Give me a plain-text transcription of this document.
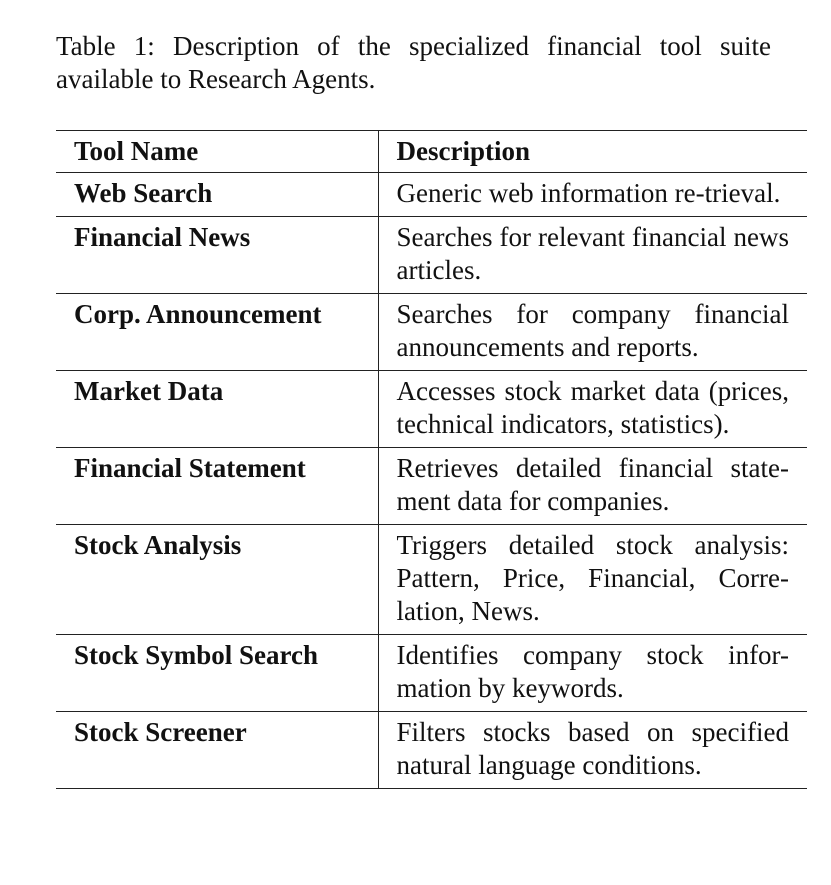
Table 1: Description of the specialized financial tool suite
available to Research Agents.
Tool Name	Description
Web Search	Generic web information re-trieval.

Financial News	Searches for relevant financial news articles.

Corp. Announcement	Searches for company financial announcements and reports.

Market Data	Accesses stock market data (prices, technical indicators, statistics).

Financial Statement	Retrieves detailed financial state-ment data for companies.

Stock Analysis	Triggers detailed stock analysis: Pattern, Price, Financial, Corre-lation, News.

Stock Symbol Search	Identifies company stock infor-mation by keywords.

Stock Screener	Filters stocks based on specified natural language conditions.
